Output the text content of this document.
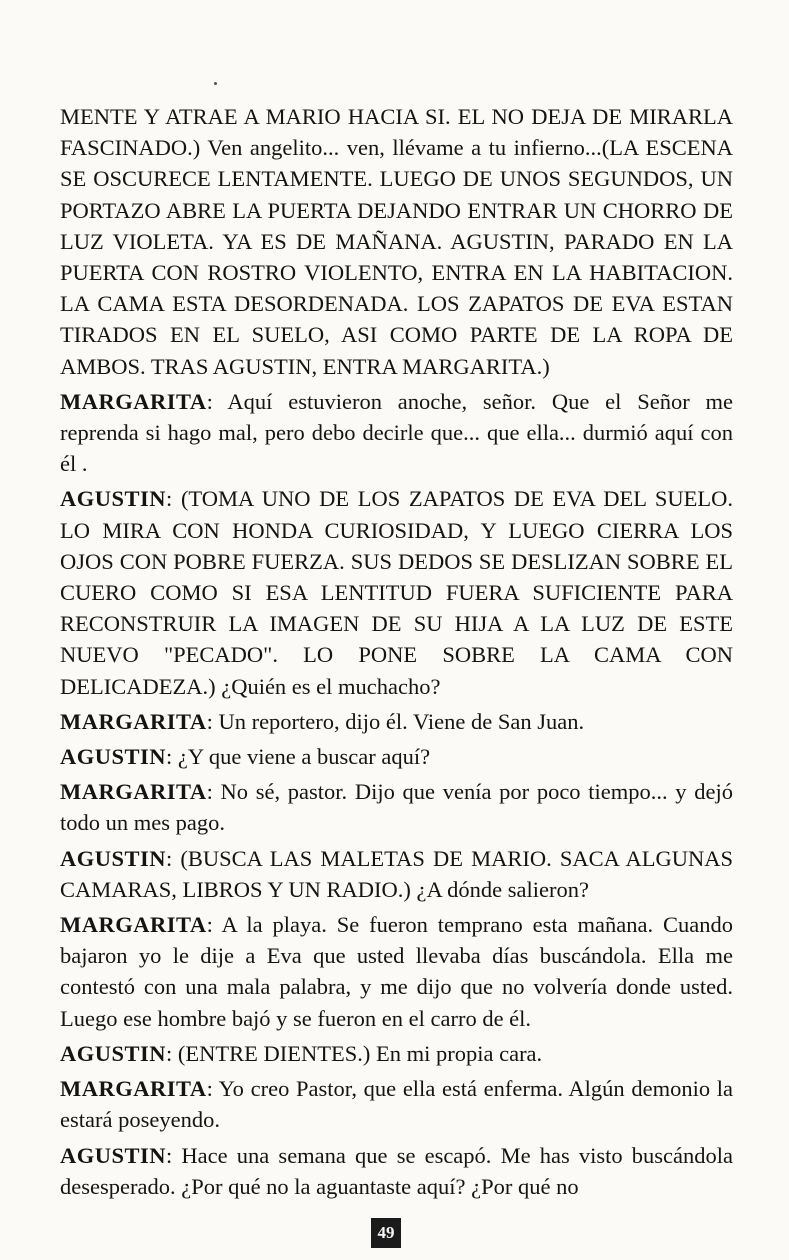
MENTE Y ATRAE A MARIO HACIA SI. EL NO DEJA DE MIRARLA FASCINADO.) Ven angelito... ven, llévame a tu infierno...(LA ESCENA SE OSCURECE LENTAMENTE. LUEGO DE UNOS SEGUNDOS, UN PORTAZO ABRE LA PUERTA DEJANDO ENTRAR UN CHORRO DE LUZ VIOLETA. YA ES DE MAÑANA. AGUSTIN, PARADO EN LA PUERTA CON ROSTRO VIOLENTO, ENTRA EN LA HABITACION. LA CAMA ESTA DESORDENADA. LOS ZAPATOS DE EVA ESTAN TIRADOS EN EL SUELO, ASI COMO PARTE DE LA ROPA DE AMBOS. TRAS AGUSTIN, ENTRA MARGARITA.)

MARGARITA: Aquí estuvieron anoche, señor. Que el Señor me reprenda si hago mal, pero debo decirle que... que ella... durmió aquí con él .

AGUSTIN: (TOMA UNO DE LOS ZAPATOS DE EVA DEL SUELO. LO MIRA CON HONDA CURIOSIDAD, Y LUEGO CIERRA LOS OJOS CON POBRE FUERZA. SUS DEDOS SE DESLIZAN SOBRE EL CUERO COMO SI ESA LENTITUD FUERA SUFICIENTE PARA RECONSTRUIR LA IMAGEN DE SU HIJA A LA LUZ DE ESTE NUEVO "PECADO". LO PONE SOBRE LA CAMA CON DELICADEZA.) ¿Quién es el muchacho?

MARGARITA: Un reportero, dijo él. Viene de San Juan.

AGUSTIN: ¿Y que viene a buscar aquí?

MARGARITA: No sé, pastor. Dijo que venía por poco tiempo... y dejó todo un mes pago.

AGUSTIN: (BUSCA LAS MALETAS DE MARIO. SACA ALGUNAS CAMARAS, LIBROS Y UN RADIO.) ¿A dónde salieron?

MARGARITA: A la playa. Se fueron temprano esta mañana. Cuando bajaron yo le dije a Eva que usted llevaba días buscándola. Ella me contestó con una mala palabra, y me dijo que no volvería donde usted. Luego ese hombre bajó y se fueron en el carro de él.

AGUSTIN: (ENTRE DIENTES.) En mi propia cara.

MARGARITA: Yo creo Pastor, que ella está enferma. Algún demonio la estará poseyendo.

AGUSTIN: Hace una semana que se escapó. Me has visto buscándola desesperado. ¿Por qué no la aguantaste aquí? ¿Por qué no

49
